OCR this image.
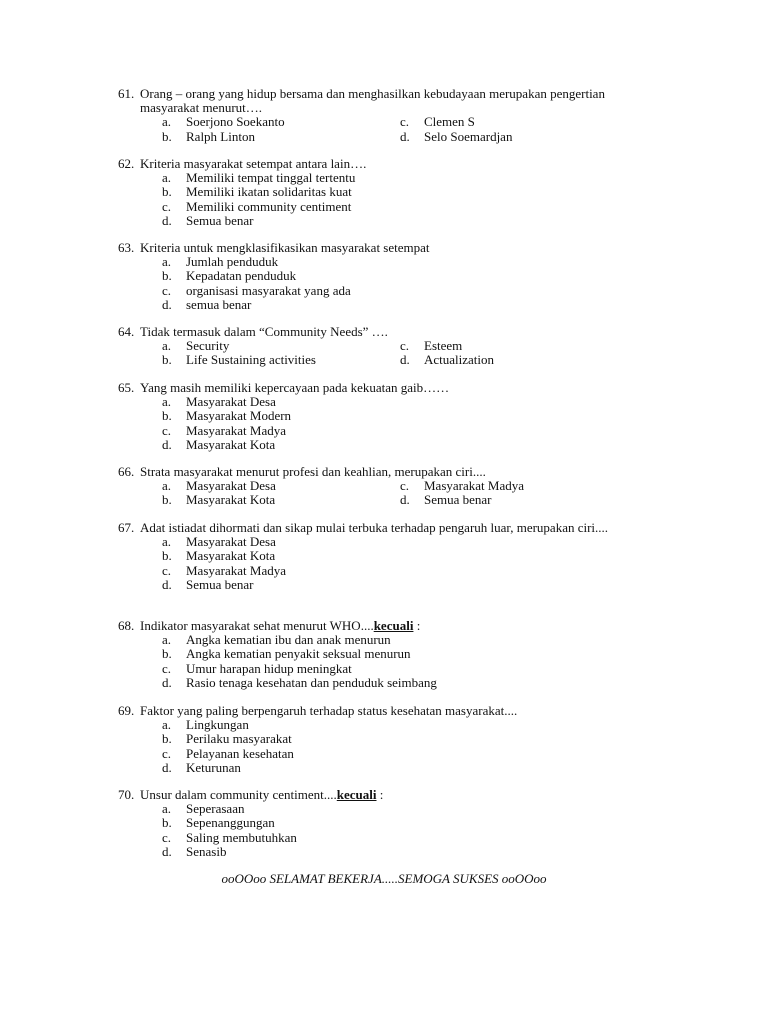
61. Orang – orang yang hidup bersama dan menghasilkan kebudayaan merupakan pengertian masyarakat menurut….
a. Soerjono Soekanto	c. Clemen S
b. Ralph Linton	d. Selo Soemardjan
62. Kriteria masyarakat setempat antara lain….
a. Memiliki tempat tinggal tertentu
b. Memiliki ikatan solidaritas kuat
c. Memiliki community centiment
d. Semua benar
63. Kriteria untuk mengklasifikasikan masyarakat setempat
a. Jumlah penduduk
b. Kepadatan penduduk
c. organisasi masyarakat yang ada
d. semua benar
64. Tidak termasuk dalam “Community Needs” ….
a. Security	c. Esteem
b. Life Sustaining activities	d. Actualization
65. Yang masih memiliki kepercayaan pada kekuatan gaib……
a. Masyarakat Desa
b. Masyarakat Modern
c. Masyarakat Madya
d. Masyarakat Kota
66. Strata masyarakat menurut profesi dan keahlian, merupakan ciri....
a. Masyarakat Desa	c. Masyarakat Madya
b. Masyarakat Kota	d. Semua benar
67. Adat istiadat dihormati dan sikap mulai terbuka terhadap pengaruh luar, merupakan ciri....
a. Masyarakat Desa
b. Masyarakat Kota
c. Masyarakat Madya
d. Semua benar
68. Indikator masyarakat sehat menurut WHO....kecuali :
a. Angka kematian ibu dan anak menurun
b. Angka kematian penyakit seksual menurun
c. Umur harapan hidup meningkat
d. Rasio tenaga kesehatan dan penduduk seimbang
69. Faktor yang paling berpengaruh terhadap status kesehatan masyarakat....
a. Lingkungan
b. Perilaku masyarakat
c. Pelayanan kesehatan
d. Keturunan
70. Unsur dalam community centiment....kecuali :
a. Seperasaan
b. Sepenanggungan
c. Saling membutuhkan
d. Senasib
ooOOoo SELAMAT BEKERJA.....SEMOGA SUKSES ooOOoo
